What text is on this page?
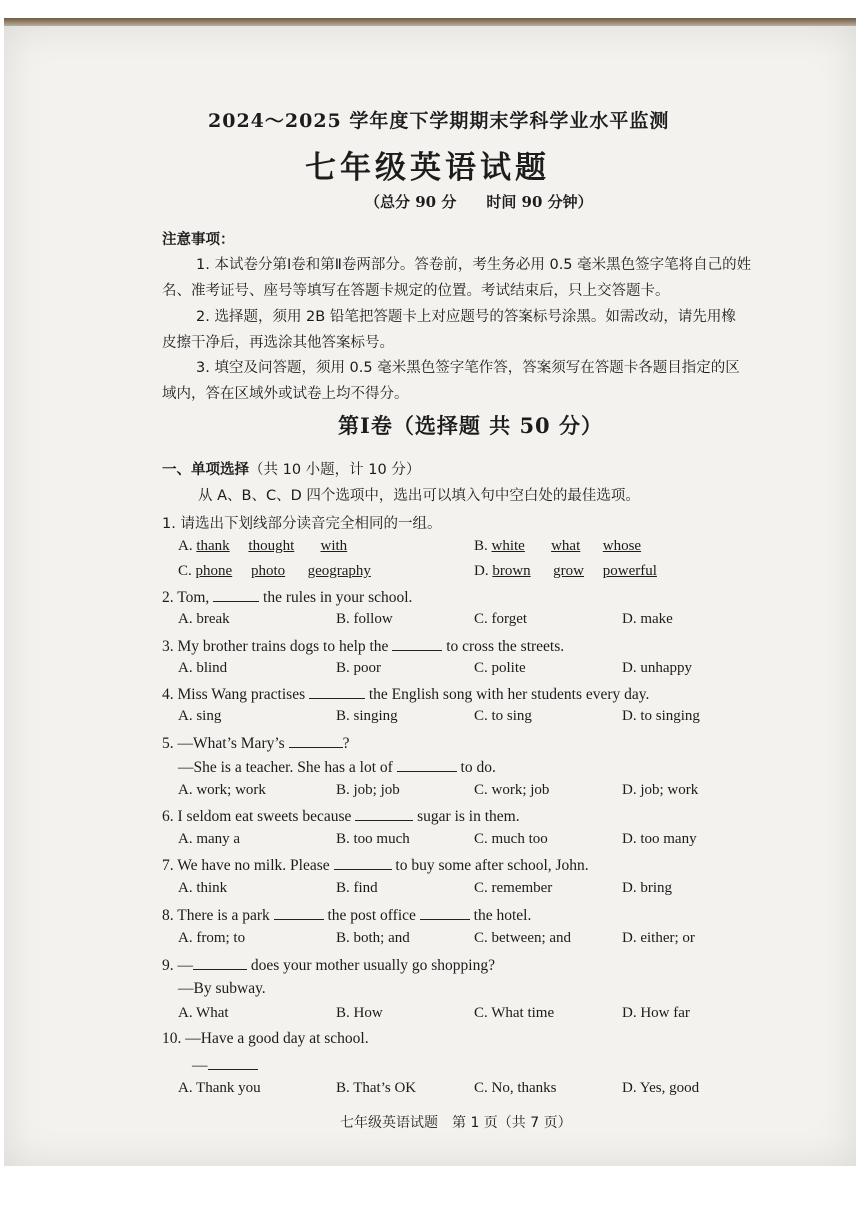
2024～2025 学年度下学期期末学科学业水平监测
七年级英语试题
（总分 90 分　　时间 90 分钟）
注意事项：
1. 本试卷分第Ⅰ卷和第Ⅱ卷两部分。答卷前，考生务必用 0.5 毫米黑色签字笔将自己的姓
名、准考证号、座号等填写在答题卡规定的位置。考试结束后，只上交答题卡。
2. 选择题，须用 2B 铅笔把答题卡上对应题号的答案标号涂黑。如需改动，请先用橡
皮擦干净后，再选涂其他答案标号。
3. 填空及问答题，须用 0.5 毫米黑色签字笔作答，答案须写在答题卡各题目指定的区
域内，答在区域外或试卷上均不得分。
第Ⅰ卷（选择题 共 50 分）
一、单项选择（共 10 小题，计 10 分）
从 A、B、C、D 四个选项中，选出可以填入句中空白处的最佳选项。
1. 请选出下划线部分读音完全相同的一组。
A. thank thought with	B. white what whose
C. phone photo geography	D. brown grow powerful
2. Tom,	the rules in your school.
A. break	B. follow	C. forget	D. make
3. My brother trains dogs to help the	to cross the streets.
A. blind	B. poor	C. polite	D. unhappy
4. Miss Wang practises	the English song with her students every day.
A. sing	B. singing	C. to sing	D. to singing
5. —What’s Mary’s	?
—She is a teacher. She has a lot of	to do.
A. work; work	B. job; job	C. work; job	D. job; work
6. I seldom eat sweets because	sugar is in them.
A. many a	B. too much	C. much too	D. too many
7. We have no milk. Please	to buy some after school, John.
A. think	B. find	C. remember	D. bring
8. There is a park	the post office	the hotel.
A. from; to	B. both; and	C. between; and	D. either; or
9. —	does your mother usually go shopping?
—By subway.
A. What	B. How	C. What time	D. How far
10. —Have a good day at school.
—
A. Thank you	B. That’s OK	C. No, thanks	D. Yes, good
七年级英语试题　第 1 页（共 7 页）
